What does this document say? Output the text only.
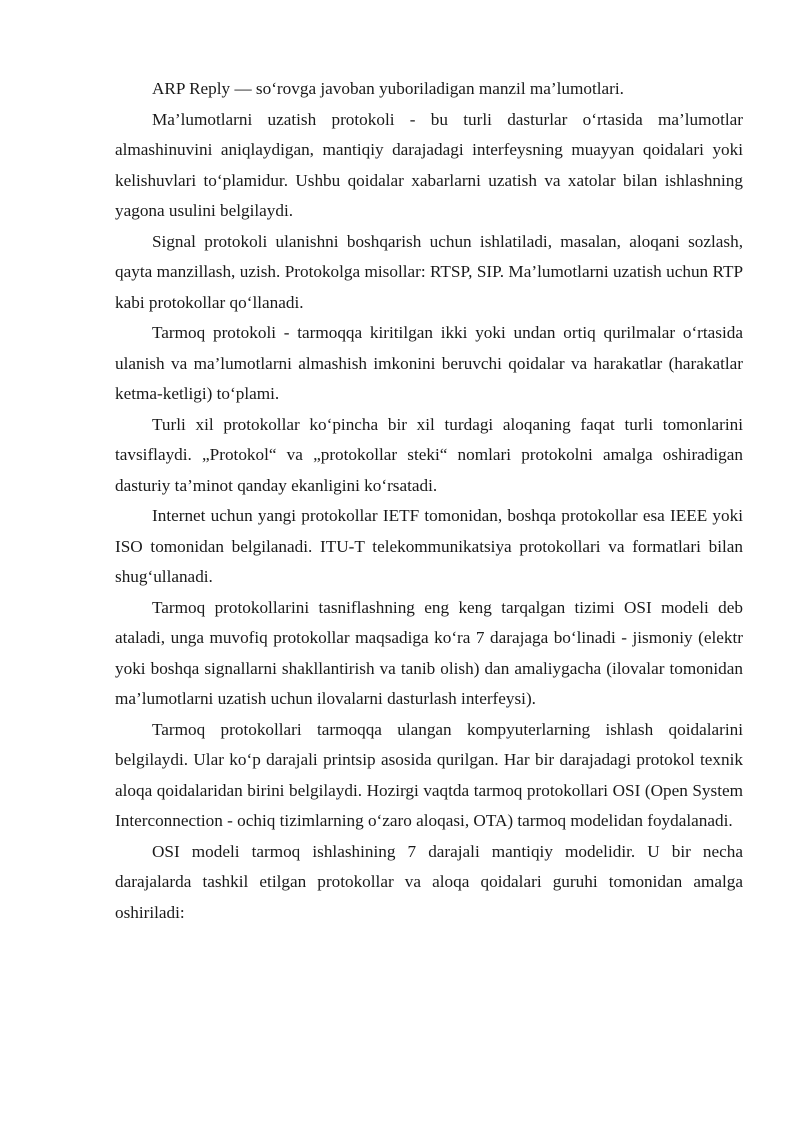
ARP Reply — so‘rovga javoban yuboriladigan manzil ma’lumotlari.

Ma’lumotlarni uzatish protokoli - bu turli dasturlar o‘rtasida ma’lumotlar almashinuvini aniqlaydigan, mantiqiy darajadagi interfeysning muayyan qoidalari yoki kelishuvlari to‘plamidur. Ushbu qoidalar xabarlarni uzatish va xatolar bilan ishlashning yagona usulini belgilaydi.

Signal protokoli ulanishni boshqarish uchun ishlatiladi, masalan, aloqani sozlash, qayta manzillash, uzish. Protokolga misollar: RTSP, SIP. Ma’lumotlarni uzatish uchun RTP kabi protokollar qo‘llanadi.

Tarmoq protokoli - tarmoqqa kiritilgan ikki yoki undan ortiq qurilmalar o‘rtasida ulanish va ma’lumotlarni almashish imkonini beruvchi qoidalar va harakatlar (harakatlar ketma-ketligi) to‘plami.

Turli xil protokollar ko‘pincha bir xil turdagi aloqaning faqat turli tomonlarini tavsiflaydi. „Protokol“ va „protokollar steki“ nomlari protokolni amalga oshiradigan dasturiy ta’minot qanday ekanligini ko‘rsatadi.

Internet uchun yangi protokollar IETF tomonidan, boshqa protokollar esa IEEE yoki ISO tomonidan belgilanadi. ITU-T telekommunikatsiya protokollari va formatlari bilan shug‘ullanadi.

Tarmoq protokollarini tasniflashning eng keng tarqalgan tizimi OSI modeli deb ataladi, unga muvofiq protokollar maqsadiga ko‘ra 7 darajaga bo‘linadi - jismoniy (elektr yoki boshqa signallarni shakllantirish va tanib olish) dan amaliygacha (ilovalar tomonidan ma’lumotlarni uzatish uchun ilovalarni dasturlash interfeysi).

Tarmoq protokollari tarmoqqa ulangan kompyuterlarning ishlash qoidalarini belgilaydi. Ular ko‘p darajali printsip asosida qurilgan. Har bir darajadagi protokol texnik aloqa qoidalaridan birini belgilaydi. Hozirgi vaqtda tarmoq protokollari OSI (Open System Interconnection - ochiq tizimlarning o‘zaro aloqasi, OTA) tarmoq modelidan foydalanadi.

OSI modeli tarmoq ishlashining 7 darajali mantiqiy modelidir. U bir necha darajalarda tashkil etilgan protokollar va aloqa qoidalari guruhi tomonidan amalga oshiriladi:
